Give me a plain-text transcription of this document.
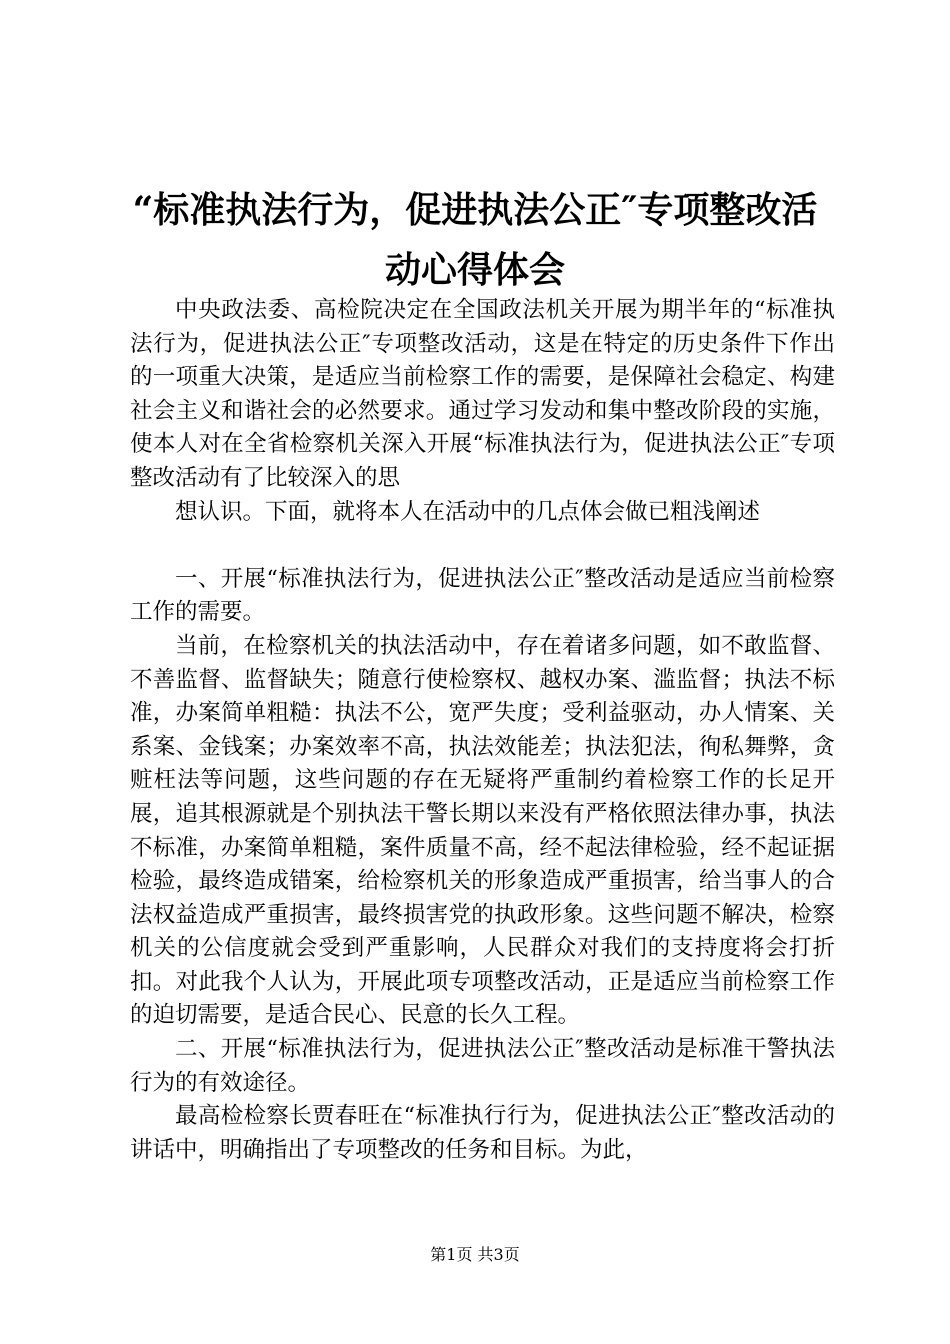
“标准执法行为，促进执法公正″专项整改活
动心得体会

中央政法委、高检院决定在全国政法机关开展为期半年的“标准执法行为，促进执法公正″专项整改活动，这是在特定的历史条件下作出的一项重大决策，是适应当前检察工作的需要，是保障社会稳定、构建社会主义和谐社会的必然要求。通过学习发动和集中整改阶段的实施，使本人对在全省检察机关深入开展“标准执法行为，促进执法公正″专项整改活动有了比较深入的思

想认识。下面，就将本人在活动中的几点体会做已粗浅阐述

一、开展“标准执法行为，促进执法公正″整改活动是适应当前检察工作的需要。

当前，在检察机关的执法活动中，存在着诸多问题，如不敢监督、不善监督、监督缺失；随意行使检察权、越权办案、滥监督；执法不标准，办案简单粗糙：执法不公，宽严失度；受利益驱动，办人情案、关系案、金钱案；办案效率不高，执法效能差；执法犯法，徇私舞弊，贪赃枉法等问题，这些问题的存在无疑将严重制约着检察工作的长足开展，追其根源就是个别执法干警长期以来没有严格依照法律办事，执法不标准，办案简单粗糙，案件质量不高，经不起法律检验，经不起证据检验，最终造成错案，给检察机关的形象造成严重损害，给当事人的合法权益造成严重损害，最终损害党的执政形象。这些问题不解决，检察机关的公信度就会受到严重影响，人民群众对我们的支持度将会打折扣。对此我个人认为，开展此项专项整改活动，正是适应当前检察工作的迫切需要，是适合民心、民意的长久工程。

二、开展“标准执法行为，促进执法公正″整改活动是标准干警执法行为的有效途径。

最高检检察长贾春旺在“标准执行行为，促进执法公正″整改活动的讲话中，明确指出了专项整改的任务和目标。为此，

第1页 共3页
